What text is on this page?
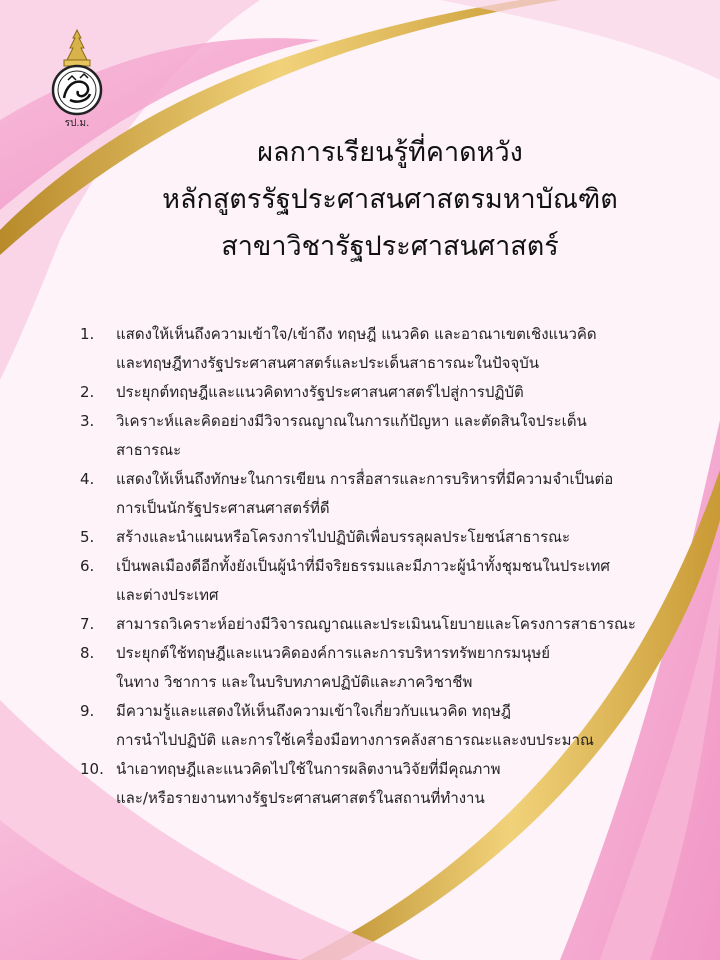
รป.ม.
ผลการเรียนรู้ที่คาดหวัง
หลักสูตรรัฐประศาสนศาสตรมหาบัณฑิต
สาขาวิชารัฐประศาสนศาสตร์
1. แสดงให้เห็นถึงความเข้าใจ/เข้าถึง ทฤษฎี แนวคิด และอาณาเขตเชิงแนวคิด
และทฤษฎีทางรัฐประศาสนศาสตร์และประเด็นสาธารณะในปัจจุบัน
2. ประยุกต์ทฤษฎีและแนวคิดทางรัฐประศาสนศาสตร์ไปสู่การปฏิบัติ
3. วิเคราะห์และคิดอย่างมีวิจารณญาณในการแก้ปัญหา และตัดสินใจประเด็น
สาธารณะ
4. แสดงให้เห็นถึงทักษะในการเขียน การสื่อสารและการบริหารที่มีความจำเป็นต่อ
การเป็นนักรัฐประศาสนศาสตร์ที่ดี
5. สร้างและนำแผนหรือโครงการไปปฏิบัติเพื่อบรรลุผลประโยชน์สาธารณะ
6. เป็นพลเมืองดีอีกทั้งยังเป็นผู้นำที่มีจริยธรรมและมีภาวะผู้นำทั้งชุมชนในประเทศ
และต่างประเทศ
7. สามารถวิเคราะห์อย่างมีวิจารณญาณและประเมินนโยบายและโครงการสาธารณะ
8. ประยุกต์ใช้ทฤษฎีและแนวคิดองค์การและการบริหารทรัพยากรมนุษย์
ในทาง วิชาการ และในบริบทภาคปฏิบัติและภาควิชาชีพ
9. มีความรู้และแสดงให้เห็นถึงความเข้าใจเกี่ยวกับแนวคิด ทฤษฎี
การนำไปปฏิบัติ และการใช้เครื่องมือทางการคลังสาธารณะและงบประมาณ
10. นำเอาทฤษฎีและแนวคิดไปใช้ในการผลิตงานวิจัยที่มีคุณภาพ
และ/หรือรายงานทางรัฐประศาสนศาสตร์ในสถานที่ทำงาน
